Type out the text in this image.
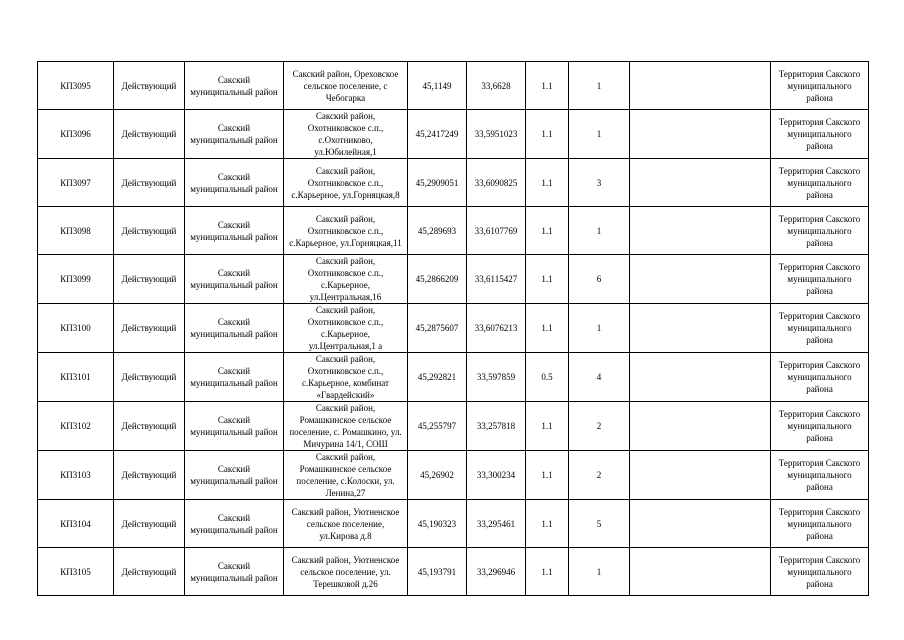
КП3095	Действующий	Сакский
муниципальный район	Сакский район, Ореховское
сельское поселение, с
Чебогарка	45,1149	33,6628	1.1	1		Территория Сакского
муниципального
района
КП3096	Действующий	Сакский
муниципальный район	Сакский район,
Охотниковское с.п.,
с.Охотниково,
ул.Юбилейная,1	45,2417249	33,5951023	1.1	1		Территория Сакского
муниципального
района
КП3097	Действующий	Сакский
муниципальный район	Сакский район,
Охотниковское с.п.,
с.Карьерное, ул.Горняцкая,8	45,2909051	33,6090825	1.1	3		Территория Сакского
муниципального
района
КП3098	Действующий	Сакский
муниципальный район	Сакский район,
Охотниковское с.п.,
с.Карьерное, ул.Горняцкая,11	45,289693	33,6107769	1.1	1		Территория Сакского
муниципального
района
КП3099	Действующий	Сакский
муниципальный район	Сакский район,
Охотниковское с.п.,
с.Карьерное,
ул.Центральная,16	45,2866209	33,6115427	1.1	6		Территория Сакского
муниципального
района
КП3100	Действующий	Сакский
муниципальный район	Сакский район,
Охотниковское с.п.,
с.Карьерное,
ул.Центральная,1 а	45,2875607	33,6076213	1.1	1		Территория Сакского
муниципального
района
КП3101	Действующий	Сакский
муниципальный район	Сакский район,
Охотниковское с.п.,
с.Карьерное, комбинат
«Гвардейский»	45,292821	33,597859	0.5	4		Территория Сакского
муниципального
района
КП3102	Действующий	Сакский
муниципальный район	Сакский район,
Ромашкинское сельское
поселение, с. Ромашкино, ул.
Мичурина 14/1, СОШ	45,255797	33,257818	1.1	2		Территория Сакского
муниципального
района
КП3103	Действующий	Сакский
муниципальный район	Сакский район,
Ромашкинское сельское
поселение, с.Колоски, ул.
Ленина,27	45,26902	33,300234	1.1	2		Территория Сакского
муниципального
района
КП3104	Действующий	Сакский
муниципальный район	Сакский район, Уютненское
сельское поселение,
ул.Кирова д.8	45,190323	33,295461	1.1	5		Территория Сакского
муниципального
района
КП3105	Действующий	Сакский
муниципальный район	Сакский район, Уютненское
сельское поселение, ул.
Терешковой д.26	45,193791	33,296946	1.1	1		Территория Сакского
муниципального
района
